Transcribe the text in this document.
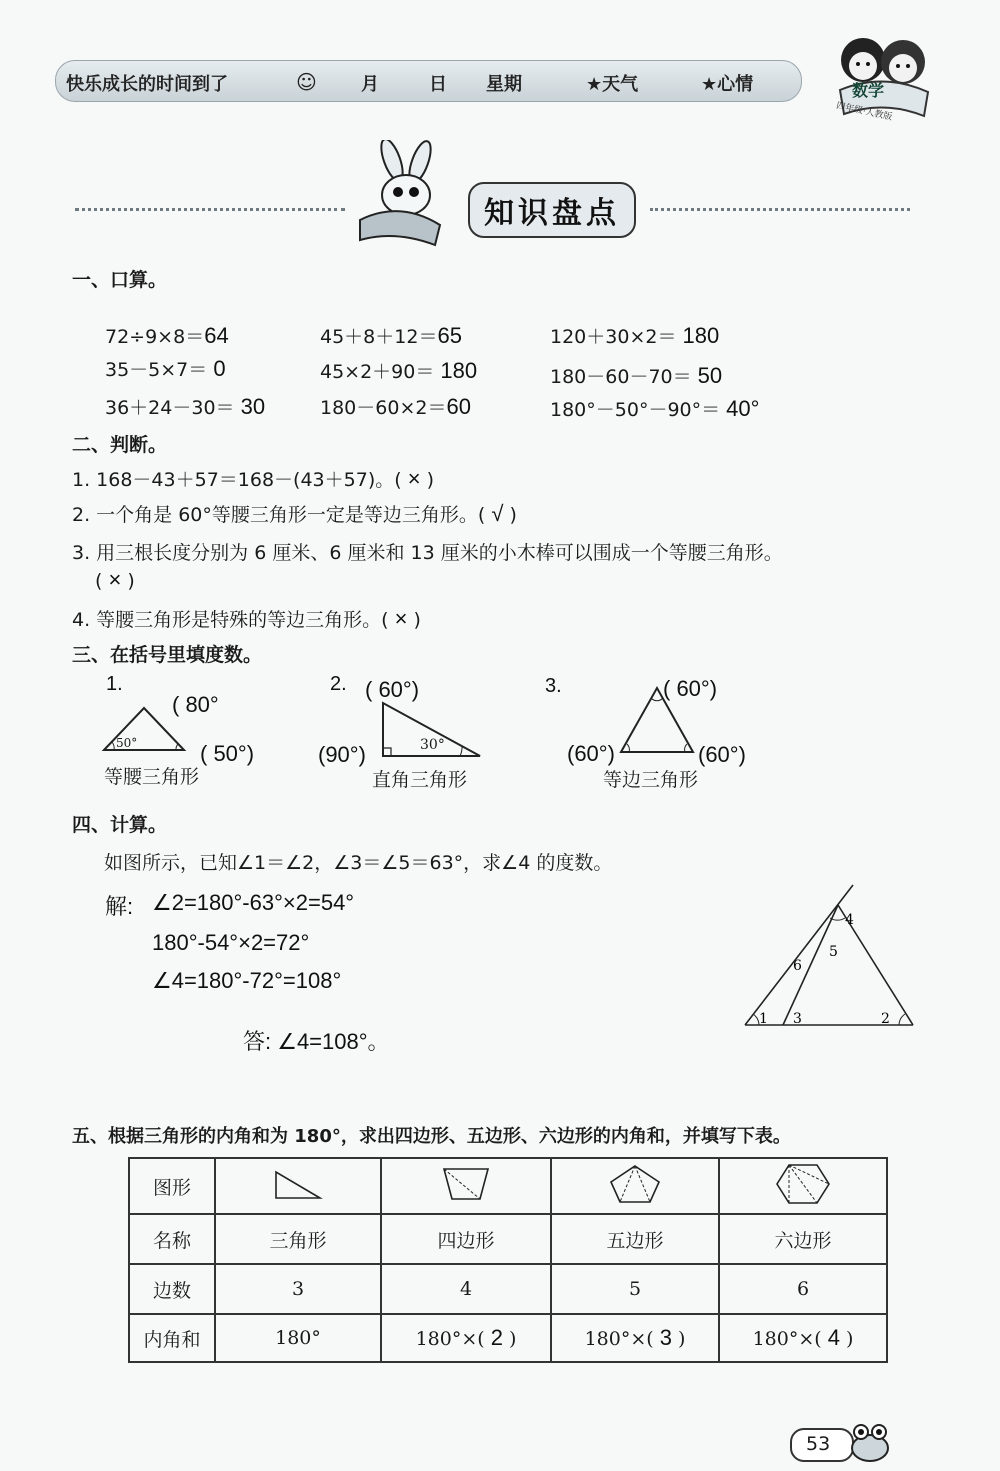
快乐成长的时间到了	☺ 月	日 星期	★天气	★心情	数学
四年级·人教版
知识盘点
一、口算。
72÷9×8＝64	45＋8＋12＝65	120＋30×2＝ 180
35－5×7＝ 0	45×2＋90＝ 180	180－60－70＝ 50
36＋24－30＝ 30	180－60×2＝60	180°－50°－90°＝ 40°
二、判断。
1. 168－43＋57＝168－(43＋57)。( × )
2. 一个角是 60°等腰三角形一定是等边三角形。( √ )
3. 用三根长度分别为 6 厘米、6 厘米和 13 厘米的小木棒可以围成一个等腰三角形。
( × )
4. 等腰三角形是特殊的等边三角形。( × )
三、在括号里填度数。
1.
50°
( 80°
( 50°)
等腰三角形
2. ( 60°)
30°
(90°)
直角三角形
3.	( 60°)
(60°)	(60°)
等边三角形
四、计算。
如图所示，已知∠1＝∠2，∠3＝∠5＝63°，求∠4 的度数。
解: ∠2=180°-63°×2=54°
180°-54°×2=72°
∠4=180°-72°=108°
答: ∠4=108°。
1	2
3
4
5
6
五、根据三角形的内角和为 180°，求出四边形、五边形、六边形的内角和，并填写下表。
图形				
名称	三角形	四边形	五边形	六边形
边数	3	4	5	6
内角和	180°	180°×( 2 )	180°×( 3 )	180°×( 4 )
53
